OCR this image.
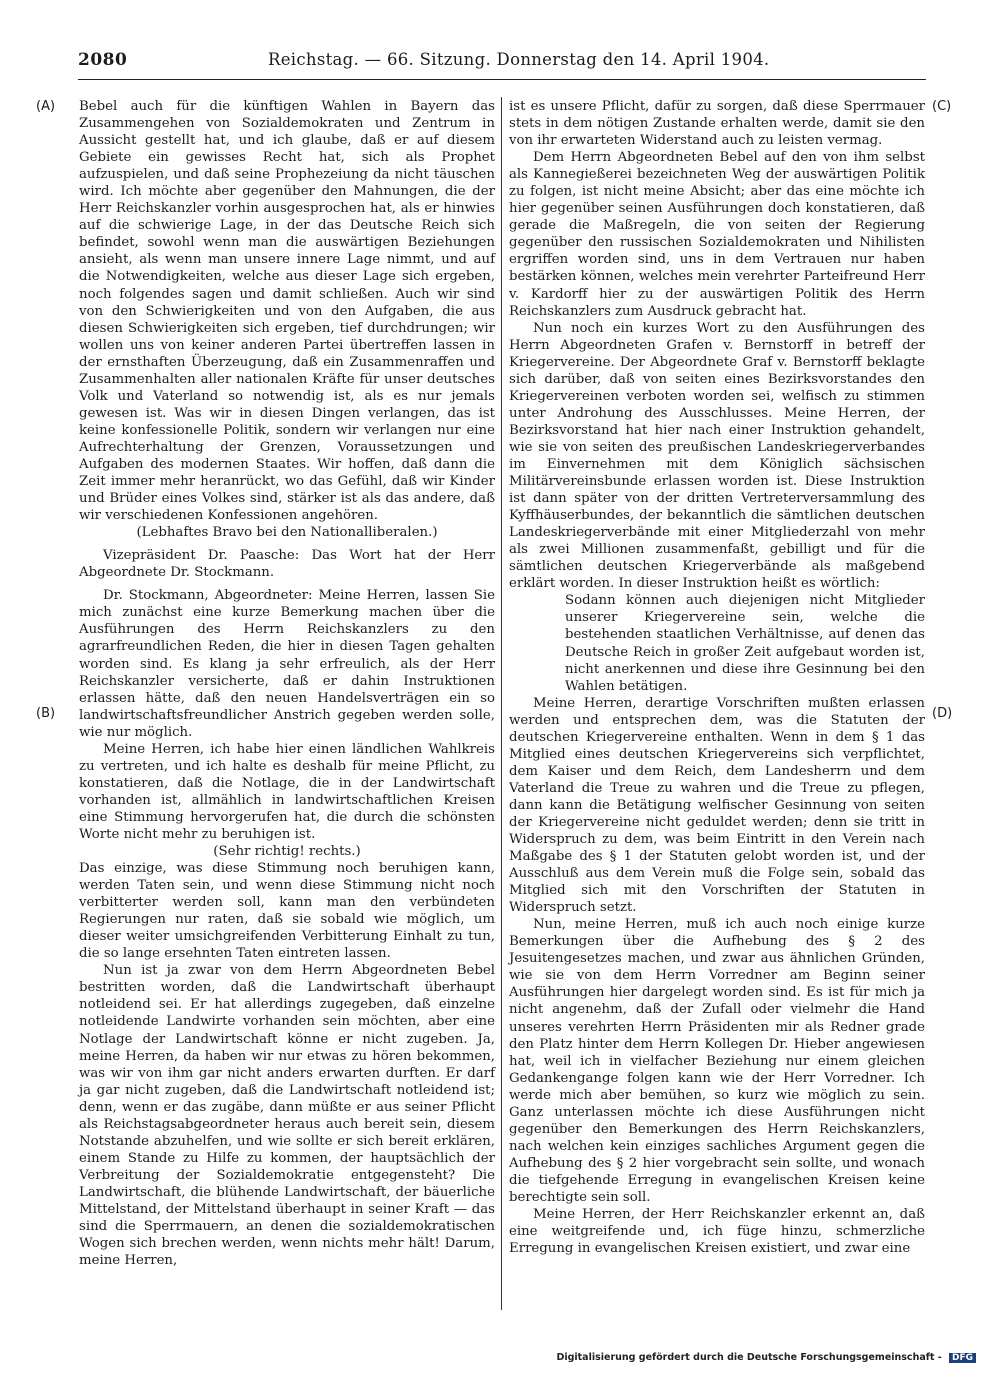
2080	Reichstag. — 66. Sitzung. Donnerstag den 14. April 1904.
(A)
(B)
(C)
(D)

Bebel auch für die künftigen Wahlen in Bayern das Zusammengehen von Sozialdemokraten und Zentrum in Aussicht gestellt hat, und ich glaube, daß er auf diesem Gebiete ein gewisses Recht hat, sich als Prophet aufzuspielen, und daß seine Prophezeiung da nicht täuschen wird. Ich möchte aber gegenüber den Mahnungen, die der Herr Reichskanzler vorhin ausgesprochen hat, als er hinwies auf die schwierige Lage, in der das Deutsche Reich sich befindet, sowohl wenn man die auswärtigen Beziehungen ansieht, als wenn man unsere innere Lage nimmt, und auf die Notwendigkeiten, welche aus dieser Lage sich ergeben, noch folgendes sagen und damit schließen. Auch wir sind von den Schwierigkeiten und von den Aufgaben, die aus diesen Schwierigkeiten sich ergeben, tief durchdrungen; wir wollen uns von keiner anderen Partei übertreffen lassen in der ernsthaften Überzeugung, daß ein Zusammenraffen und Zusammenhalten aller nationalen Kräfte für unser deutsches Volk und Vaterland so notwendig ist, als es nur jemals gewesen ist. Was wir in diesen Dingen verlangen, das ist keine konfessionelle Politik, sondern wir verlangen nur eine Aufrechterhaltung der Grenzen, Voraussetzungen und Aufgaben des modernen Staates. Wir hoffen, daß dann die Zeit immer mehr heranrückt, wo das Gefühl, daß wir Kinder und Brüder eines Volkes sind, stärker ist als das andere, daß wir verschiedenen Konfessionen angehören.

(Lebhaftes Bravo bei den Nationalliberalen.)

Vizepräsident Dr. Paasche: Das Wort hat der Herr Abgeordnete Dr. Stockmann.

Dr. Stockmann, Abgeordneter: Meine Herren, lassen Sie mich zunächst eine kurze Bemerkung machen über die Ausführungen des Herrn Reichskanzlers zu den agrarfreundlichen Reden, die hier in diesen Tagen gehalten worden sind. Es klang ja sehr erfreulich, als der Herr Reichskanzler versicherte, daß er dahin Instruktionen erlassen hätte, daß den neuen Handelsverträgen ein so landwirtschaftsfreundlicher Anstrich gegeben werden solle, wie nur möglich.

Meine Herren, ich habe hier einen ländlichen Wahlkreis zu vertreten, und ich halte es deshalb für meine Pflicht, zu konstatieren, daß die Notlage, die in der Landwirtschaft vorhanden ist, allmählich in landwirtschaftlichen Kreisen eine Stimmung hervorgerufen hat, die durch die schönsten Worte nicht mehr zu beruhigen ist.

(Sehr richtig! rechts.)

Das einzige, was diese Stimmung noch beruhigen kann, werden Taten sein, und wenn diese Stimmung nicht noch verbitterter werden soll, kann man den verbündeten Regierungen nur raten, daß sie sobald wie möglich, um dieser weiter umsichgreifenden Verbitterung Einhalt zu tun, die so lange ersehnten Taten eintreten lassen.

Nun ist ja zwar von dem Herrn Abgeordneten Bebel bestritten worden, daß die Landwirtschaft überhaupt notleidend sei. Er hat allerdings zugegeben, daß einzelne notleidende Landwirte vorhanden sein möchten, aber eine Notlage der Landwirtschaft könne er nicht zugeben. Ja, meine Herren, da haben wir nur etwas zu hören bekommen, was wir von ihm gar nicht anders erwarten durften. Er darf ja gar nicht zugeben, daß die Landwirtschaft notleidend ist; denn, wenn er das zugäbe, dann müßte er aus seiner Pflicht als Reichstagsabgeordneter heraus auch bereit sein, diesem Notstande abzuhelfen, und wie sollte er sich bereit erklären, einem Stande zu Hilfe zu kommen, der hauptsächlich der Verbreitung der Sozialdemokratie entgegensteht? Die Landwirtschaft, die blühende Landwirtschaft, der bäuerliche Mittelstand, der Mittelstand überhaupt in seiner Kraft — das sind die Sperrmauern, an denen die sozialdemokratischen Wogen sich brechen werden, wenn nichts mehr hält! Darum, meine Herren,

ist es unsere Pflicht, dafür zu sorgen, daß diese Sperrmauer stets in dem nötigen Zustande erhalten werde, damit sie den von ihr erwarteten Widerstand auch zu leisten vermag.

Dem Herrn Abgeordneten Bebel auf den von ihm selbst als Kannegießerei bezeichneten Weg der auswärtigen Politik zu folgen, ist nicht meine Absicht; aber das eine möchte ich hier gegenüber seinen Ausführungen doch konstatieren, daß gerade die Maßregeln, die von seiten der Regierung gegenüber den russischen Sozialdemokraten und Nihilisten ergriffen worden sind, uns in dem Vertrauen nur haben bestärken können, welches mein verehrter Parteifreund Herr v. Kardorff hier zu der auswärtigen Politik des Herrn Reichskanzlers zum Ausdruck gebracht hat.

Nun noch ein kurzes Wort zu den Ausführungen des Herrn Abgeordneten Grafen v. Bernstorff in betreff der Kriegervereine. Der Abgeordnete Graf v. Bernstorff beklagte sich darüber, daß von seiten eines Bezirksvorstandes den Kriegervereinen verboten worden sei, welfisch zu stimmen unter Androhung des Ausschlusses. Meine Herren, der Bezirksvorstand hat hier nach einer Instruktion gehandelt, wie sie von seiten des preußischen Landeskriegerverbandes im Einvernehmen mit dem Königlich sächsischen Militärvereinsbunde erlassen worden ist. Diese Instruktion ist dann später von der dritten Vertreterversammlung des Kyffhäuserbundes, der bekanntlich die sämtlichen deutschen Landeskriegerverbände mit einer Mitgliederzahl von mehr als zwei Millionen zusammenfaßt, gebilligt und für die sämtlichen deutschen Kriegerverbände als maßgebend erklärt worden. In dieser Instruktion heißt es wörtlich:

Sodann können auch diejenigen nicht Mitglieder unserer Kriegervereine sein, welche die bestehenden staatlichen Verhältnisse, auf denen das Deutsche Reich in großer Zeit aufgebaut worden ist, nicht anerkennen und diese ihre Gesinnung bei den Wahlen betätigen.

Meine Herren, derartige Vorschriften mußten erlassen werden und entsprechen dem, was die Statuten der deutschen Kriegervereine enthalten. Wenn in dem § 1 das Mitglied eines deutschen Kriegervereins sich verpflichtet, dem Kaiser und dem Reich, dem Landesherrn und dem Vaterland die Treue zu wahren und die Treue zu pflegen, dann kann die Betätigung welfischer Gesinnung von seiten der Kriegervereine nicht geduldet werden; denn sie tritt in Widerspruch zu dem, was beim Eintritt in den Verein nach Maßgabe des § 1 der Statuten gelobt worden ist, und der Ausschluß aus dem Verein muß die Folge sein, sobald das Mitglied sich mit den Vorschriften der Statuten in Widerspruch setzt.

Nun, meine Herren, muß ich auch noch einige kurze Bemerkungen über die Aufhebung des § 2 des Jesuitengesetzes machen, und zwar aus ähnlichen Gründen, wie sie von dem Herrn Vorredner am Beginn seiner Ausführungen hier dargelegt worden sind. Es ist für mich ja nicht angenehm, daß der Zufall oder vielmehr die Hand unseres verehrten Herrn Präsidenten mir als Redner grade den Platz hinter dem Herrn Kollegen Dr. Hieber angewiesen hat, weil ich in vielfacher Beziehung nur einem gleichen Gedankengange folgen kann wie der Herr Vorredner. Ich werde mich aber bemühen, so kurz wie möglich zu sein. Ganz unterlassen möchte ich diese Ausführungen nicht gegenüber den Bemerkungen des Herrn Reichskanzlers, nach welchen kein einziges sachliches Argument gegen die Aufhebung des § 2 hier vorgebracht sein sollte, und wonach die tiefgehende Erregung in evangelischen Kreisen keine berechtigte sein soll.

Meine Herren, der Herr Reichskanzler erkennt an, daß eine weitgreifende und, ich füge hinzu, schmerzliche Erregung in evangelischen Kreisen existiert, und zwar eine

Digitalisierung gefördert durch die Deutsche Forschungsgemeinschaft - DFG
